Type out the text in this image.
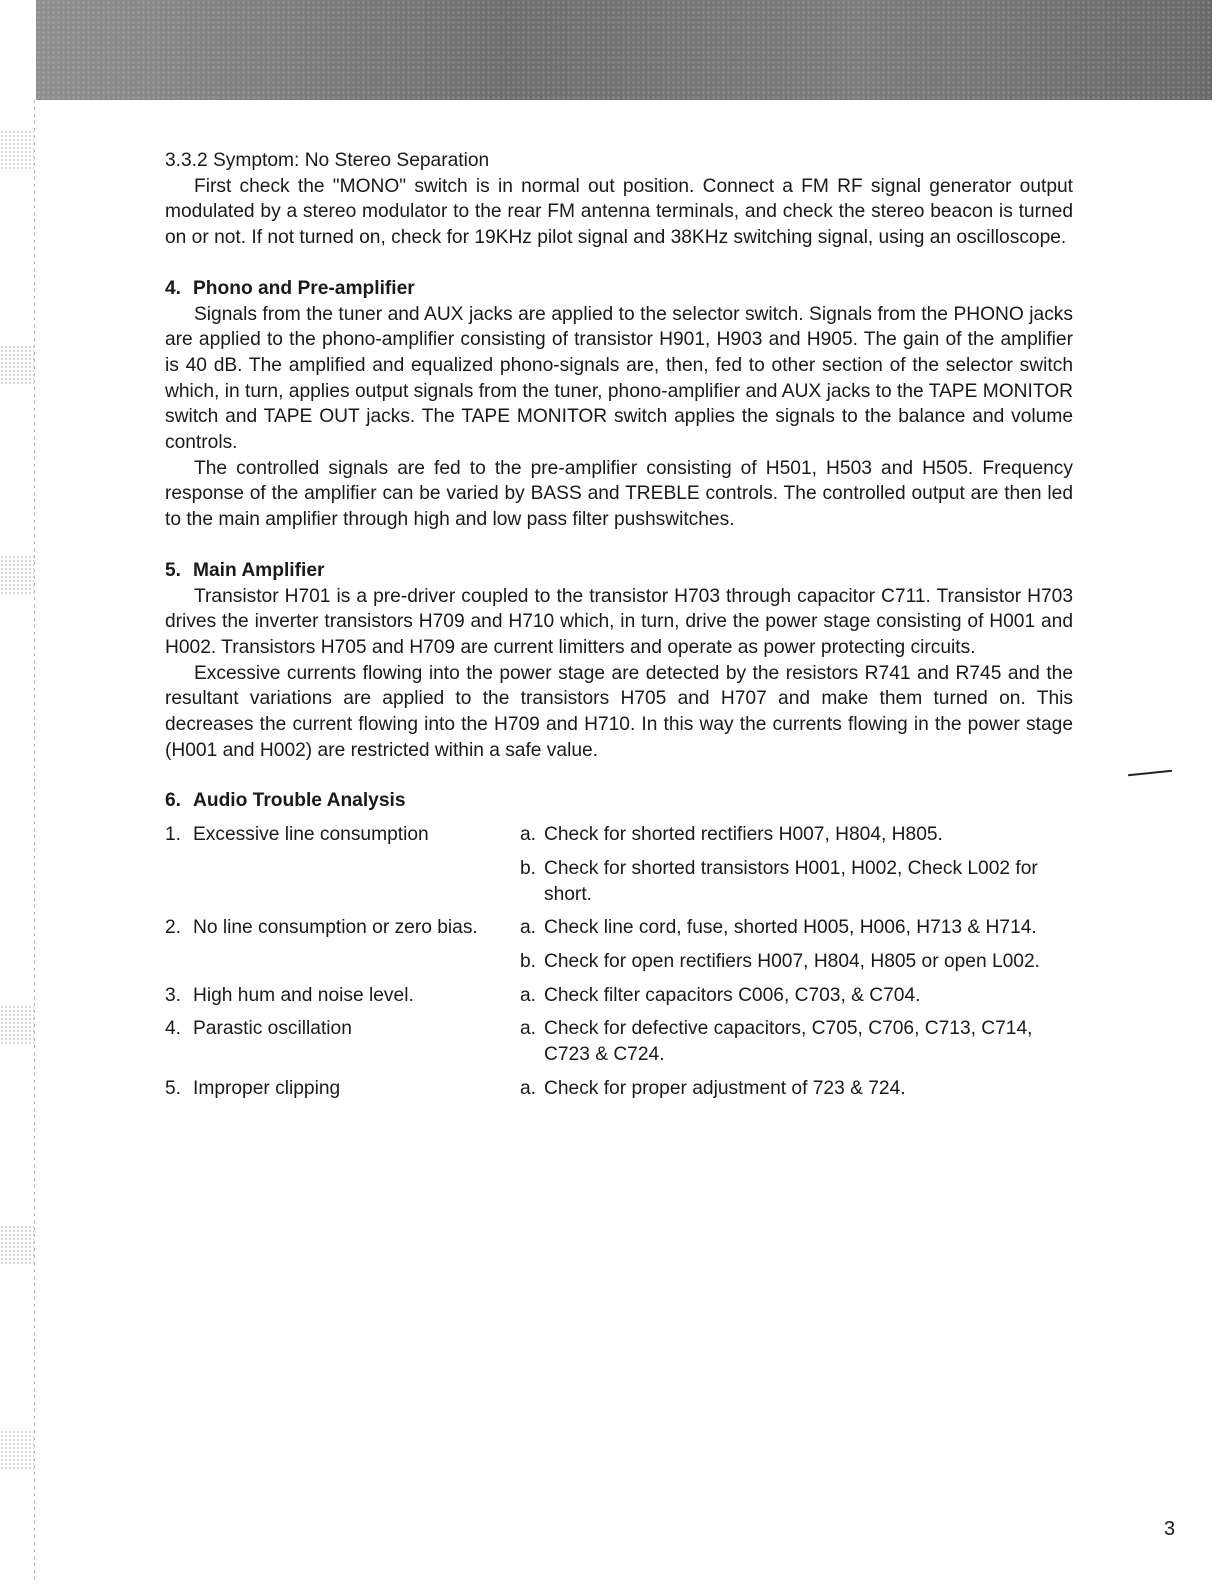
3.3.2 Symptom: No Stereo Separation

First check the "MONO" switch is in normal out position. Connect a FM RF signal generator output modulated by a stereo modulator to the rear FM antenna terminals, and check the stereo beacon is turned on or not. If not turned on, check for 19KHz pilot signal and 38KHz switching signal, using an oscilloscope.

4. Phono and Pre-amplifier

Signals from the tuner and AUX jacks are applied to the selector switch. Signals from the PHONO jacks are applied to the phono-amplifier consisting of transistor H901, H903 and H905. The gain of the amplifier is 40 dB. The amplified and equalized phono-signals are, then, fed to other section of the selector switch which, in turn, applies output signals from the tuner, phono-amplifier and AUX jacks to the TAPE MONITOR switch and TAPE OUT jacks. The TAPE MONITOR switch applies the signals to the balance and volume controls.

The controlled signals are fed to the pre-amplifier consisting of H501, H503 and H505. Frequency response of the amplifier can be varied by BASS and TREBLE controls. The controlled output are then led to the main amplifier through high and low pass filter pushswitches.

5. Main Amplifier

Transistor H701 is a pre-driver coupled to the transistor H703 through capacitor C711. Transistor H703 drives the inverter transistors H709 and H710 which, in turn, drive the power stage consisting of H001 and H002. Transistors H705 and H709 are current limitters and operate as power protecting circuits.

Excessive currents flowing into the power stage are detected by the resistors R741 and R745 and the resultant variations are applied to the transistors H705 and H707 and make them turned on. This decreases the current flowing into the H709 and H710. In this way the currents flowing in the power stage (H001 and H002) are restricted within a safe value.

6. Audio Trouble Analysis
1. Excessive line consumption	a. Check for shorted rectifiers H007, H804, H805.
b. Check for shorted transistors H001, H002, Check L002 for short.
2. No line consumption or zero bias. a. Check line cord, fuse, shorted H005, H006, H713 & H714.
b. Check for open rectifiers H007, H804, H805 or open L002.
3. High hum and noise level.	a. Check filter capacitors C006, C703, & C704.
4. Parastic oscillation	a. Check for defective capacitors, C705, C706, C713, C714, C723 & C724.
5. Improper clipping	a. Check for proper adjustment of 723 & 724.
3
